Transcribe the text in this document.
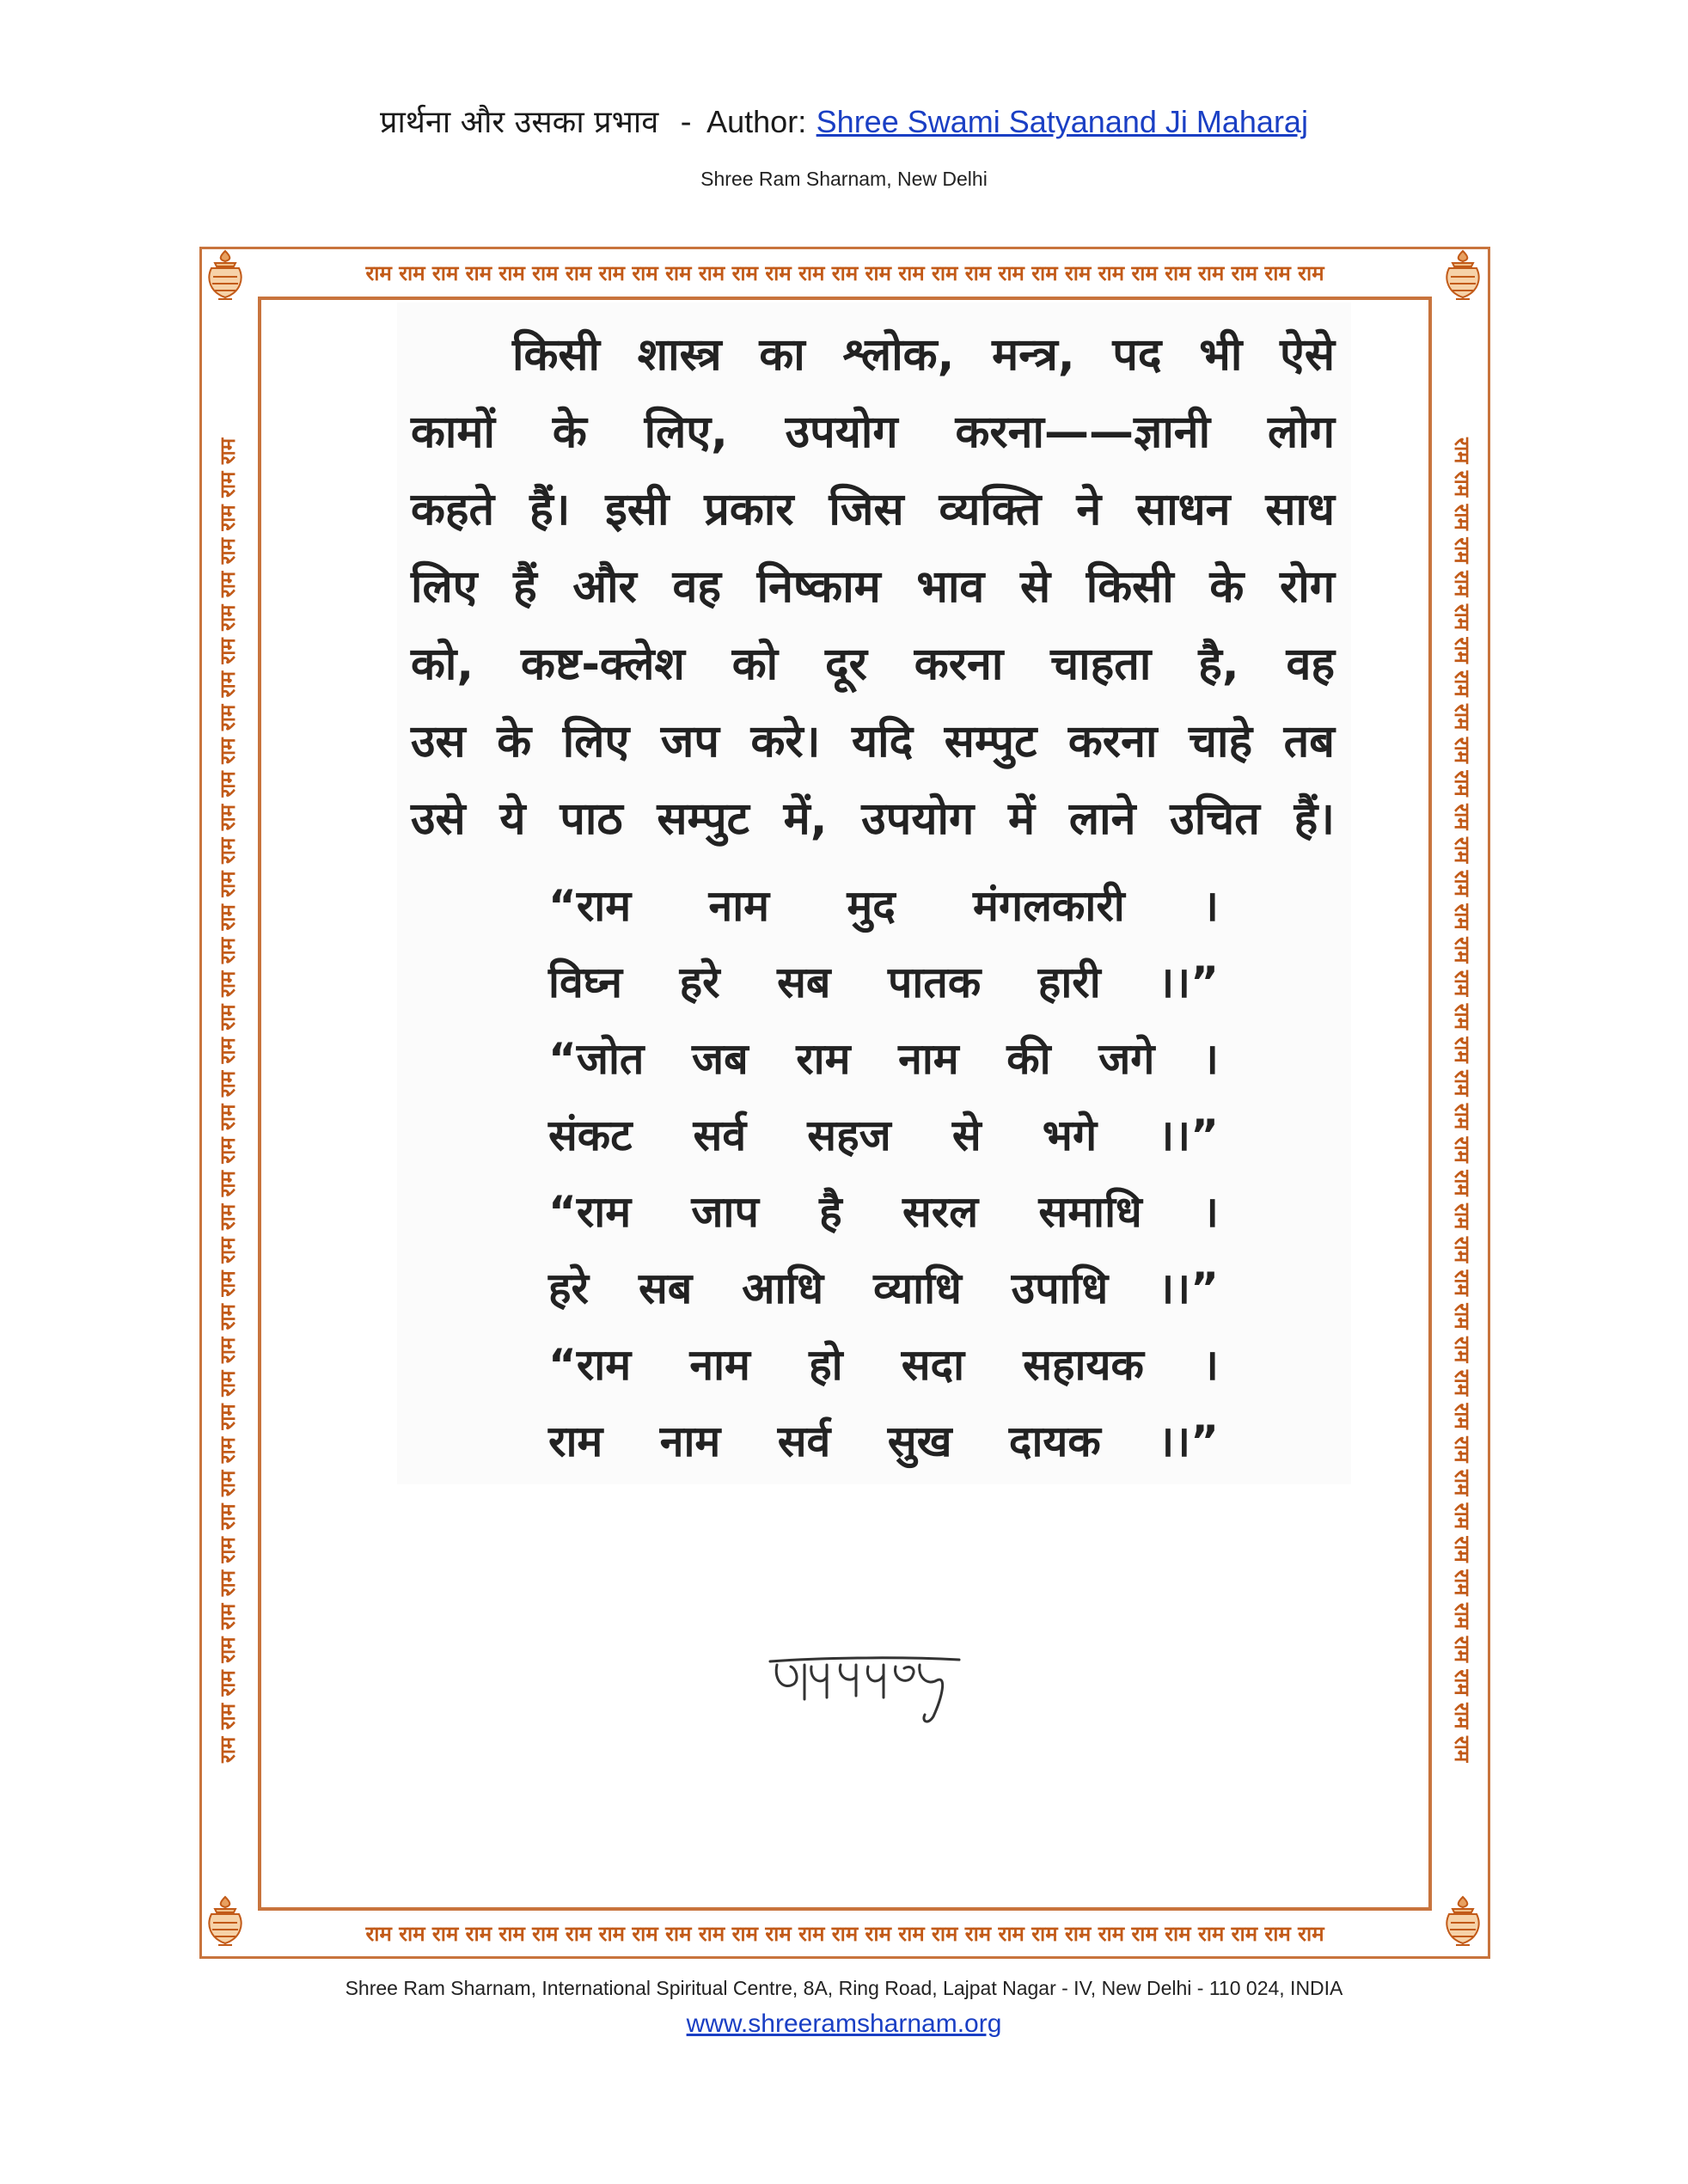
प्रार्थना और उसका प्रभाव - Author: Shree Swami Satyanand Ji Maharaj
Shree Ram Sharnam, New Delhi
राम राम राम राम राम राम राम राम राम राम राम राम राम राम राम राम राम राम राम राम राम राम राम राम राम राम राम राम राम
राम राम राम राम राम राम राम राम राम राम राम राम राम राम राम राम राम राम राम राम राम राम राम राम राम राम राम राम राम
राम राम राम राम राम राम राम राम राम राम राम राम राम राम राम राम राम राम राम राम राम राम राम राम राम राम राम राम राम राम राम राम राम राम राम राम राम राम राम राम	राम राम राम राम राम राम राम राम राम राम राम राम राम राम राम राम राम राम राम राम राम राम राम राम राम राम राम राम राम राम राम राम राम राम राम राम राम राम राम राम
किसी शास्त्र का श्लोक, मन्त्र, पद भी ऐसे
कामों के लिए, उपयोग करना——ज्ञानी लोग
कहते हैं। इसी प्रकार जिस व्यक्ति ने साधन साध
लिए हैं और वह निष्काम भाव से किसी के रोग
को, कष्ट-क्लेश को दूर करना चाहता है, वह
उस के लिए जप करे। यदि सम्पुट करना चाहे तब
उसे ये पाठ सम्पुट में, उपयोग में लाने उचित हैं।
“राम नाम मुद मंगलकारी ।
विघ्न हरे सब पातक हारी ।।”
“जोत जब राम नाम की जगे ।
संकट सर्व सहज से भगे ।।”
“राम जाप है सरल समाधि ।
हरे सब आधि व्याधि उपाधि ।।”
“राम नाम हो सदा सहायक ।
राम नाम सर्व सुख दायक ।।”
Shree Ram Sharnam, International Spiritual Centre, 8A, Ring Road, Lajpat Nagar - IV, New Delhi - 110 024, INDIA
www.shreeramsharnam.org
